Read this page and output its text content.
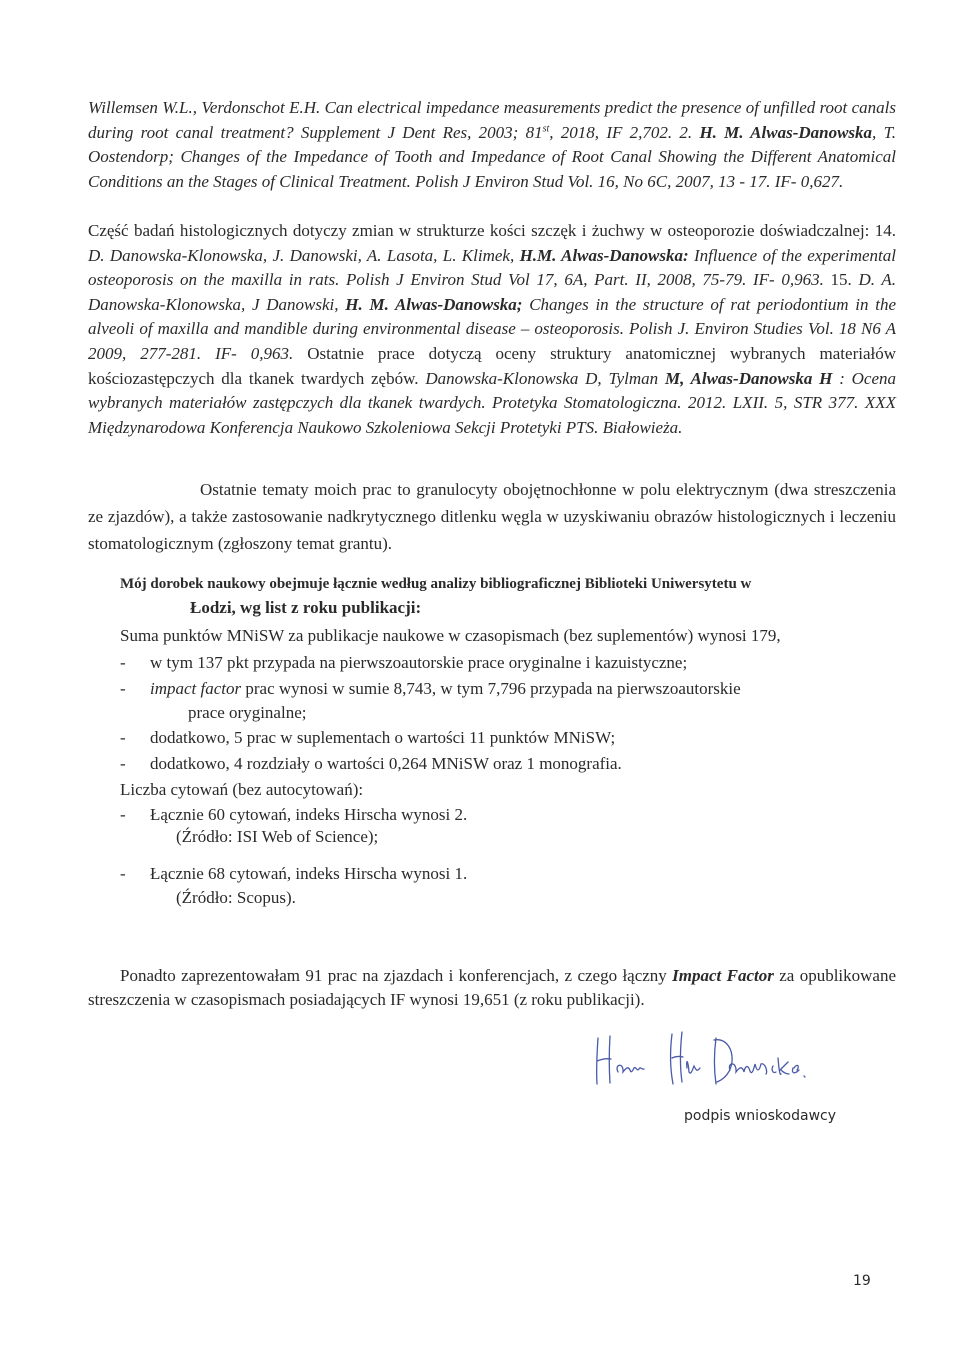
Willemsen W.L., Verdonschot E.H. Can electrical impedance measurements predict the presence of unfilled root canals during root canal treatment? Supplement J Dent Res, 2003; 81st, 2018, IF 2,702. 2. H. M. Alwas-Danowska, T. Oostendorp; Changes of the Impedance of Tooth and Impedance of Root Canal Showing the Different Anatomical Conditions an the Stages of Clinical Treatment. Polish J Environ Stud Vol. 16, No 6C, 2007, 13 - 17. IF- 0,627.

Część badań histologicznych dotyczy zmian w strukturze kości szczęk i żuchwy w osteoporozie doświadczalnej: 14. D. Danowska-Klonowska, J. Danowski, A. Lasota, L. Klimek, H.M. Alwas-Danowska: Influence of the experimental osteoporosis on the maxilla in rats. Polish J Environ Stud Vol 17, 6A, Part. II, 2008, 75-79. IF- 0,963. 15. D. A. Danowska-Klonowska, J Danowski, H. M. Alwas-Danowska; Changes in the structure of rat periodontium in the alveoli of maxilla and mandible during environmental disease – osteoporosis. Polish J. Environ Studies Vol. 18 N6 A 2009, 277-281. IF- 0,963. Ostatnie prace dotyczą oceny struktury anatomicznej wybranych materiałów kościozastępczych dla tkanek twardych zębów. Danowska-Klonowska D, Tylman M, Alwas-Danowska H : Ocena wybranych materiałów zastępczych dla tkanek twardych. Protetyka Stomatologiczna. 2012. LXII. 5, STR 377. XXX Międzynarodowa Konferencja Naukowo Szkoleniowa Sekcji Protetyki PTS. Białowieża.

Ostatnie tematy moich prac to granulocyty obojętnochłonne w polu elektrycznym (dwa streszczenia ze zjazdów), a także zastosowanie nadkrytycznego ditlenku węgla w uzyskiwaniu obrazów histologicznych i leczeniu stomatologicznym (zgłoszony temat grantu).

Mój dorobek naukowy obejmuje łącznie według analizy bibliograficznej Biblioteki Uniwersytetu w
Łodzi, wg list z roku publikacji:
Suma punktów MNiSW za publikacje naukowe w czasopismach (bez suplementów) wynosi 179,
- w tym 137 pkt przypada na pierwszoautorskie prace oryginalne i kazuistyczne;
- impact factor prac wynosi w sumie 8,743, w tym 7,796 przypada na pierwszoautorskie
prace oryginalne;
- dodatkowo, 5 prac w suplementach o wartości 11 punktów MNiSW;
- dodatkowo, 4 rozdziały o wartości 0,264 MNiSW oraz 1 monografia.
Liczba cytowań (bez autocytowań):
- Łącznie 60 cytowań, indeks Hirscha wynosi 2.
(Źródło: ISI Web of Science);
- Łącznie 68 cytowań, indeks Hirscha wynosi 1.
(Źródło: Scopus).

Ponadto zaprezentowałam 91 prac na zjazdach i konferencjach, z czego łączny Impact Factor za opublikowane streszczenia w czasopismach posiadających IF wynosi 19,651 (z roku publikacji).

podpis wnioskodawcy
19
